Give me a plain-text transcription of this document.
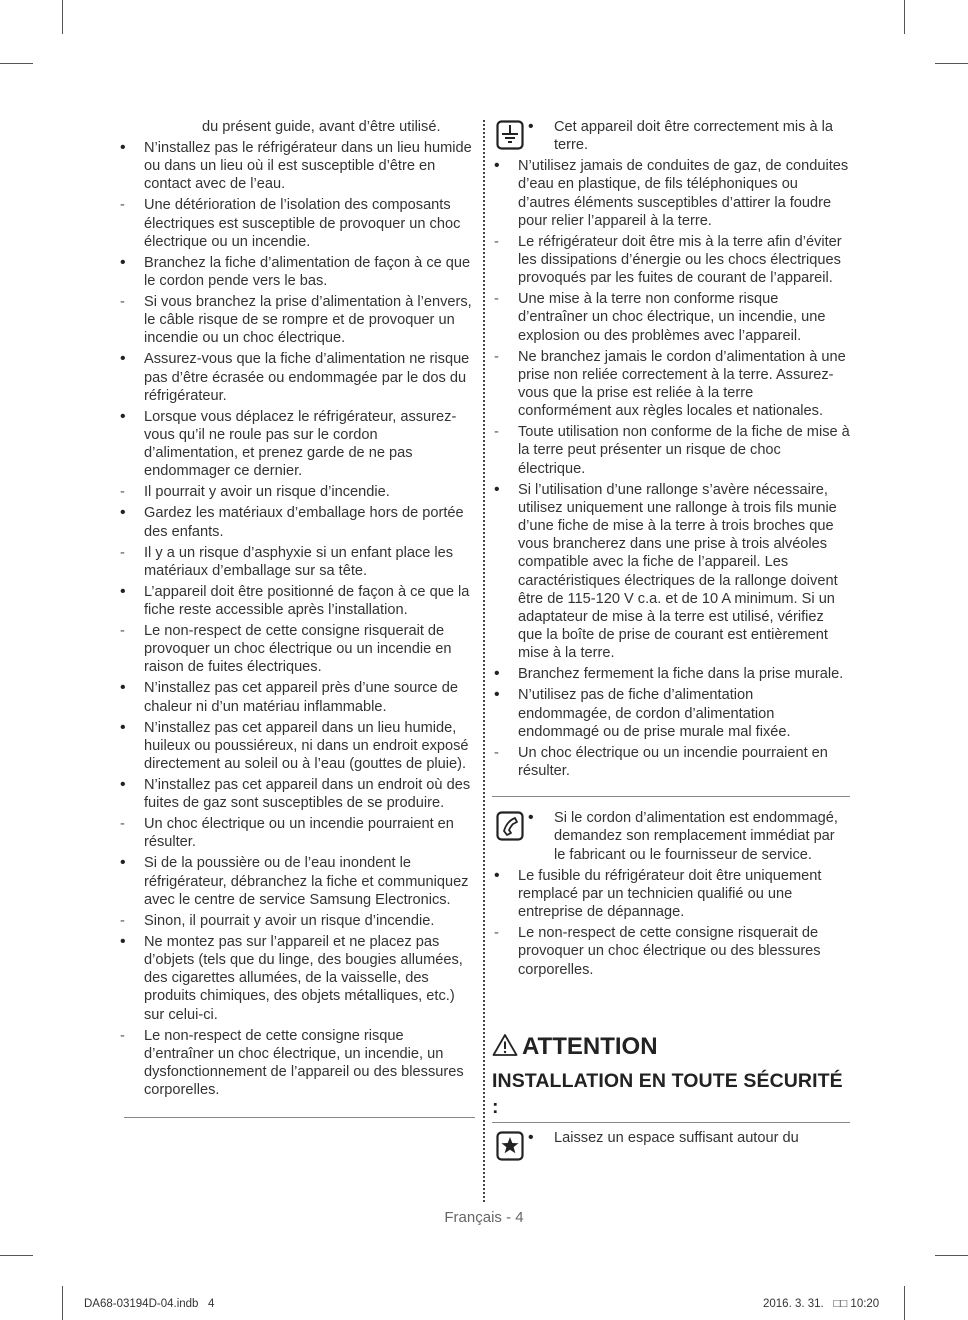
du présent guide, avant d’être utilisé.
•
N’installez pas le réfrigérateur dans un lieu humide ou dans un lieu où il est susceptible d’être en contact avec de l’eau.
-
Une détérioration de l’isolation des composants électriques est susceptible de provoquer un choc électrique ou un incendie.
•
Branchez la fiche d’alimentation de façon à ce que le cordon pende vers le bas.
-
Si vous branchez la prise d’alimentation à l’envers, le câble risque de se rompre et de provoquer un incendie ou un choc électrique.
•
Assurez-vous que la fiche d’alimentation ne risque pas d’être écrasée ou endommagée par le dos du réfrigérateur.
•
Lorsque vous déplacez le réfrigérateur, assurez-vous qu’il ne roule pas sur le cordon d’alimentation, et prenez garde de ne pas endommager ce dernier.
-
Il pourrait y avoir un risque d’incendie.
•
Gardez les matériaux d’emballage hors de portée des enfants.
-
Il y a un risque d’asphyxie si un enfant place les matériaux d’emballage sur sa tête.
•
L’appareil doit être positionné de façon à ce que la fiche reste accessible après l’installation.
-
Le non-respect de cette consigne risquerait de provoquer un choc électrique ou un incendie en raison de fuites électriques.
•
N’installez pas cet appareil près d’une source de chaleur ni d’un matériau inflammable.
•
N’installez pas cet appareil dans un lieu humide, huileux ou poussiéreux, ni dans un endroit exposé directement au soleil ou à l’eau (gouttes de pluie).
•
N’installez pas cet appareil dans un endroit où des fuites de gaz sont susceptibles de se produire.
-
Un choc électrique ou un incendie pourraient en résulter.
•
Si de la poussière ou de l’eau inondent le réfrigérateur, débranchez la fiche et communiquez avec le centre de service Samsung Electronics.
-
Sinon, il pourrait y avoir un risque d’incendie.
•
Ne montez pas sur l’appareil et ne placez pas d’objets (tels que du linge, des bougies allumées, des cigarettes allumées, de la vaisselle, des produits chimiques, des objets métalliques, etc.) sur celui-ci.
-
Le non-respect de cette consigne risque d’entraîner un choc électrique, un incendie, un dysfonctionnement de l’appareil ou des blessures corporelles.
•
Cet appareil doit être correctement mis à la terre.
•
N’utilisez jamais de conduites de gaz, de conduites d’eau en plastique, de fils téléphoniques ou d’autres éléments susceptibles d’attirer la foudre pour relier l’appareil à la terre.
-
Le réfrigérateur doit être mis à la terre afin d’éviter les dissipations d’énergie ou les chocs électriques provoqués par les fuites de courant de l’appareil.
-
Une mise à la terre non conforme risque d’entraîner un choc électrique, un incendie, une explosion ou des problèmes avec l’appareil.
-
Ne branchez jamais le cordon d’alimentation à une prise non reliée correctement à la terre. Assurez-vous que la prise est reliée à la terre conformément aux règles locales et nationales.
-
Toute utilisation non conforme de la fiche de mise à la terre peut présenter un risque de choc électrique.
•
Si l’utilisation d’une rallonge s’avère nécessaire, utilisez uniquement une rallonge à trois fils munie d’une fiche de mise à la terre à trois broches que vous brancherez dans une prise à trois alvéoles compatible avec la fiche de l’appareil. Les caractéristiques électriques de la rallonge doivent être de 115-120 V c.a. et de 10 A minimum. Si un adaptateur de mise à la terre est utilisé, vérifiez que la boîte de prise de courant est entièrement mise à la terre.
•
Branchez fermement la fiche dans la prise murale.
•
N’utilisez pas de fiche d’alimentation endommagée, de cordon d’alimentation endommagé ou de prise murale mal fixée.
-
Un choc électrique ou un incendie pourraient en résulter.
•
Si le cordon d’alimentation est endommagé, demandez son remplacement immédiat par le fabricant ou le fournisseur de service.
•
Le fusible du réfrigérateur doit être uniquement remplacé par un technicien qualifié ou une entreprise de dépannage.
-
Le non-respect de cette consigne risquerait de provoquer un choc électrique ou des blessures corporelles.
ATTENTION
INSTALLATION EN TOUTE SÉCURITÉ :
•
Laissez un espace suffisant autour du
Français - 4
DA68-03194D-04.indb   4	2016. 3. 31.   □□ 10:20
